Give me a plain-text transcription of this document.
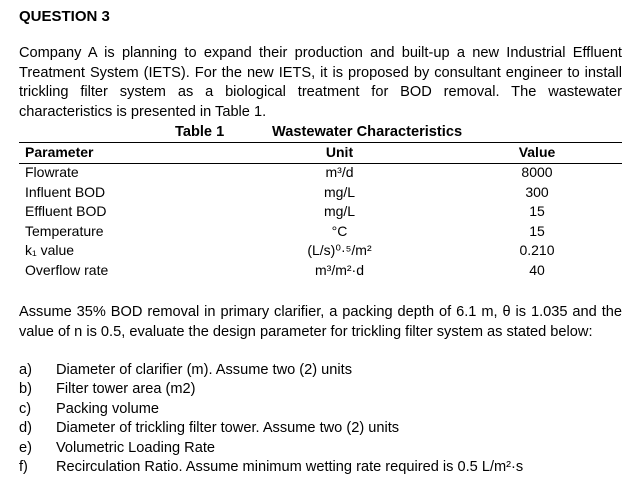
QUESTION 3
Company A is planning to expand their production and built-up a new Industrial Effluent Treatment System (IETS). For the new IETS, it is proposed by consultant engineer to install trickling filter system as a biological treatment for BOD removal. The wastewater characteristics is presented in Table 1.
Table 1	Wastewater Characteristics
Parameter	Unit	Value
Flowrate	m³/d	8000
Influent BOD	mg/L	300
Effluent BOD	mg/L	15
Temperature	°C	15
k₁ value	(L/s)⁰·⁵/m²	0.210
Overflow rate	m³/m²·d	40
Assume 35% BOD removal in primary clarifier, a packing depth of 6.1 m, θ is 1.035 and the value of n is 0.5, evaluate the design parameter for trickling filter system as stated below:
a) Diameter of clarifier (m). Assume two (2) units
b) Filter tower area (m2)
c) Packing volume
d) Diameter of trickling filter tower. Assume two (2) units
e) Volumetric Loading Rate
f) Recirculation Ratio. Assume minimum wetting rate required is 0.5 L/m²·s
